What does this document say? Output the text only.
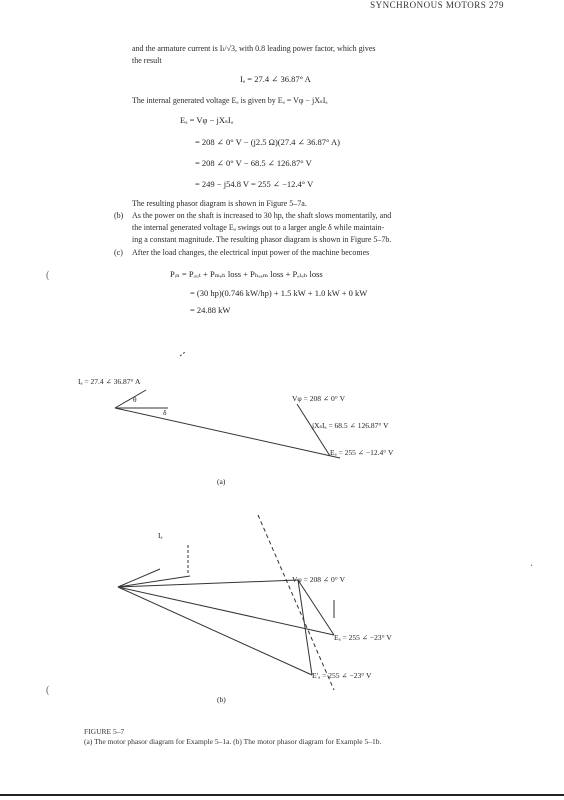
SYNCHRONOUS MOTORS 279
and the armature current is Iₗ/√3, with 0.8 leading power factor, which gives
the result
Iₐ = 27.4 ∠ 36.87° A
The internal generated voltage Eₐ is given by Eₐ = Vφ − jXₛIₐ
Eₐ = Vφ − jXₛIₐ
= 208 ∠ 0° V − (j2.5 Ω)(27.4 ∠ 36.87° A)
= 208 ∠ 0° V − 68.5 ∠ 126.87° V
= 249 − j54.8 V = 255 ∠ −12.4° V
The resulting phasor diagram is shown in Figure 5–7a.
(b) As the power on the shaft is increased to 30 hp, the shaft slows momentarily, and
the internal generated voltage Eₐ swings out to a larger angle δ while maintain-
ing a constant magnitude. The resulting phasor diagram is shown in Figure 5–7b.
(c) After the load changes, the electrical input power of the machine becomes
Pᵢₙ = Pₒᵤₜ + Pₘₑₕ loss + Pₕₑₑₘ loss + Pₑₗₑₕ loss
= (30 hp)(0.746 kW/hp) + 1.5 kW + 1.0 kW + 0 kW
= 24.88 kW
(
(
.
Iₐ = 27.4 ∠ 36.87° A
Vφ = 208 ∠ 0° V
jXₛIₐ = 68.5 ∠ 126.87° V
Eₐ = 255 ∠ −12.4° V
θ
δ
(a)
Iₐ
Vφ = 208 ∠ 0° V
Eₐ = 255 ∠ −23° V
E′ₐ = 255 ∠ −23° V
(b)
FIGURE 5–7
(a) The motor phasor diagram for Example 5–1a. (b) The motor phasor diagram for Example 5–1b.
